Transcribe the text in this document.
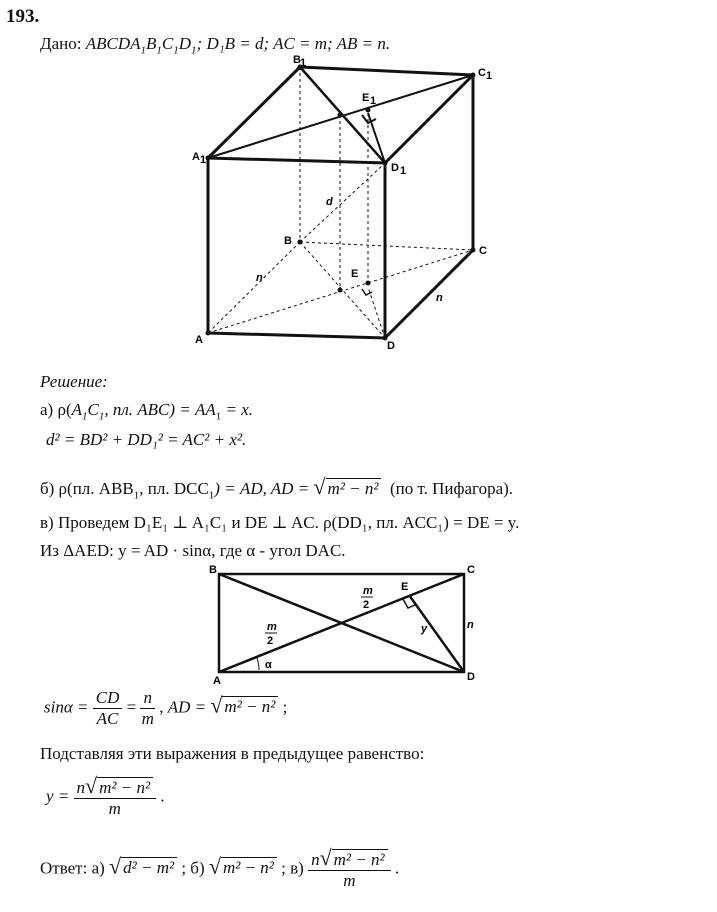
193.
Дано: $ABCDA_1B_1C_1D_1$; D₁B = d; AC = m; AB = n.
B 1
C 1
A 1
D 1
E 1
B
C
A	D
E
d
n
n
Решение:
а) $\rho(A_1C_1$, пл. $ABC) = AA_1 = x$.
d² = BD² + DD₁² = AC² + x².
б) ρ(пл. $ABB_1$, пл. $DCC_1$) = AD, AD = √ m² − n² (по т. Пифагора).
в) Проведем D₁E₁ ⊥ A₁C₁ и DE ⊥ AC. ρ(DD₁, пл. ACC₁) = DE = y.
Из ΔAED: y = AD · sinα, где α - угол DAC.
B	C
E
D
A
m
2
m
2
y	n
α
$\sin\alpha = \frac{CD}{AC} = \frac{n}{m}$ , AD = √ m² − n² ;
Подставляя эти выражения в предыдущее равенство:
$y = \frac{\text{n√ m² − n²}}{m}$ .
Ответ: а) √ d² − m² ; б) √ m² − n² ; $в) \frac{\text{n√ m² − n²}}{m}$ .
